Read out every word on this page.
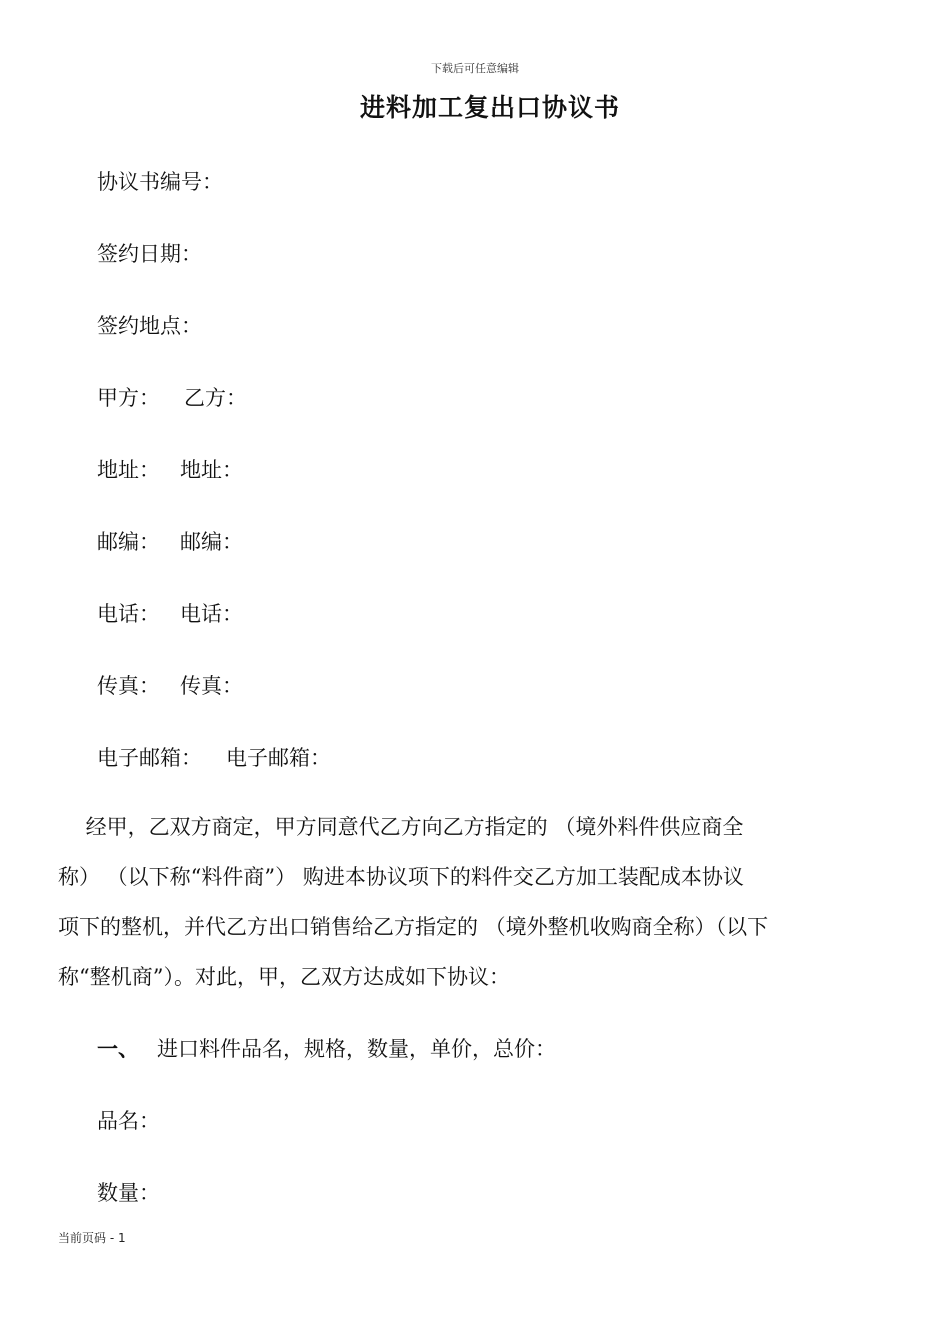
下载后可任意编辑
进料加工复出口协议书
协议书编号：
签约日期：
签约地点：
甲方： 乙方：
地址： 地址：
邮编： 邮编：
电话： 电话：
传真： 传真：
电子邮箱： 电子邮箱：
　 经甲，乙双方商定，甲方同意代乙方向乙方指定的 （境外料件供应商全
称） （以下称“料件商”） 购进本协议项下的料件交乙方加工装配成本协议
项下的整机，并代乙方出口销售给乙方指定的 （境外整机收购商全称）（以下
称“整机商”）。对此，甲，乙双方达成如下协议：
一、 进口料件品名，规格，数量，单价，总价：
品名：
数量：
当前页码 - 1
